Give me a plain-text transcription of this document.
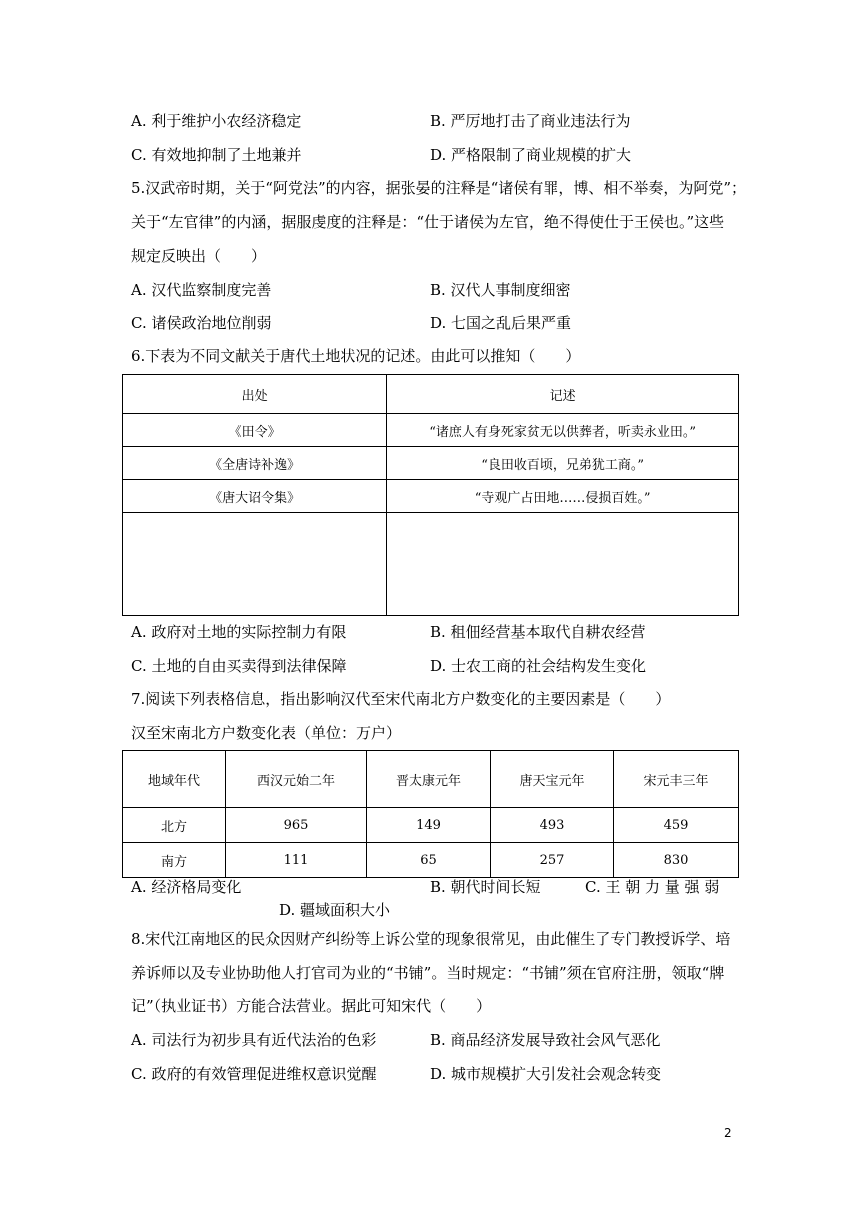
A. 利于维护小农经济稳定	B. 严厉地打击了商业违法行为
C. 有效地抑制了土地兼并	D. 严格限制了商业规模的扩大
5.汉武帝时期，关于“阿党法”的内容，据张晏的注释是“诸侯有罪，博、相不举奏，为阿党”；
关于“左官律”的内涵，据服虔度的注释是：“仕于诸侯为左官，绝不得使仕于王侯也。”这些
规定反映出（　　）
A. 汉代监察制度完善	B. 汉代人事制度细密
C. 诸侯政治地位削弱	D. 七国之乱后果严重
6.下表为不同文献关于唐代土地状况的记述。由此可以推知（　　）
出处	记述
《田令》	“诸庶人有身死家贫无以供葬者，听卖永业田。”
《全唐诗补逸》	“良田收百顷，兄弟犹工商。”
《唐大诏令集》	“寺观广占田地……侵损百姓。”

A. 政府对土地的实际控制力有限	B. 租佃经营基本取代自耕农经营
C. 土地的自由买卖得到法律保障	D. 士农工商的社会结构发生变化
7.阅读下列表格信息，指出影响汉代至宋代南北方户数变化的主要因素是（　　）
汉至宋南北方户数变化表（单位：万户）
地域年代	西汉元始二年	晋太康元年	唐天宝元年	宋元丰三年
北方	965	149	493	459
南方	111	65	257	830
A. 经济格局变化	B. 朝代时间长短	C. 王 朝 力 量 强 弱
D. 疆域面积大小
8.宋代江南地区的民众因财产纠纷等上诉公堂的现象很常见，由此催生了专门教授诉学、培
养诉师以及专业协助他人打官司为业的“书铺”。当时规定：“书铺”须在官府注册，领取“牌
记”（执业证书）方能合法营业。据此可知宋代（　　）
A. 司法行为初步具有近代法治的色彩	B. 商品经济发展导致社会风气恶化
C. 政府的有效管理促进维权意识觉醒	D. 城市规模扩大引发社会观念转变
2
